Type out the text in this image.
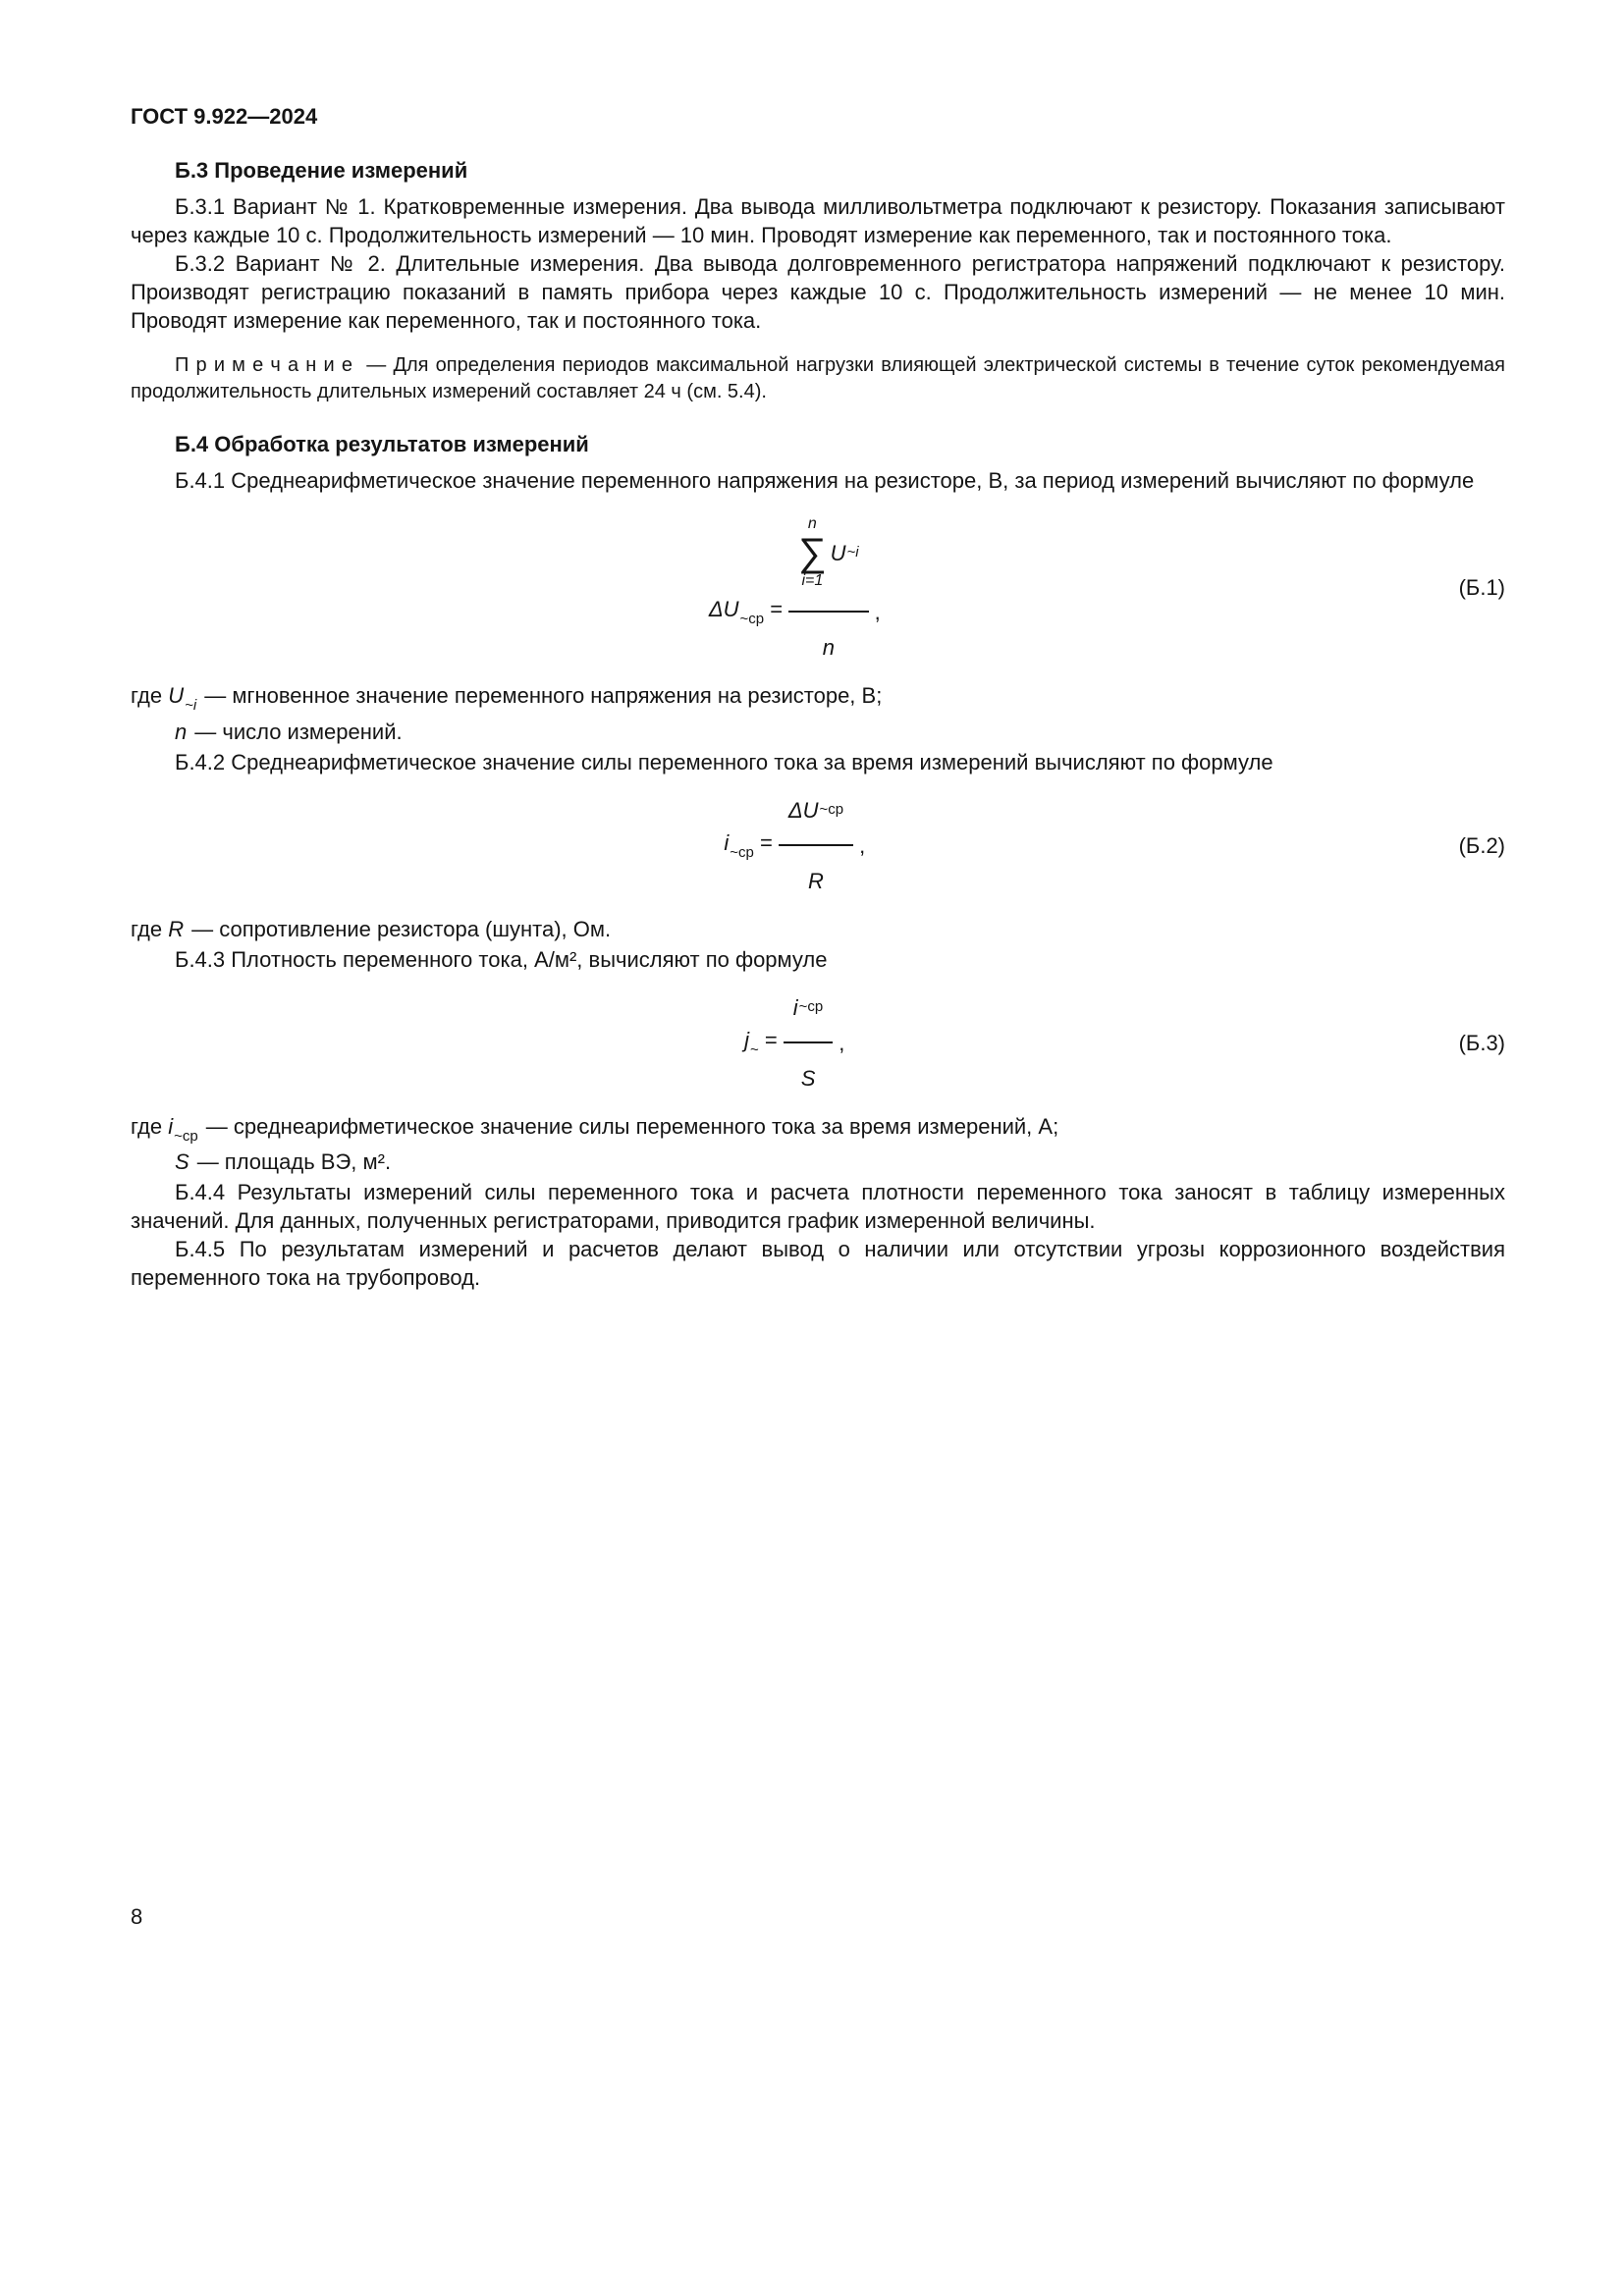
ГОСТ 9.922—2024
Б.3 Проведение измерений

Б.3.1 Вариант № 1. Кратковременные измерения. Два вывода милливольтметра подключают к резистору. Показания записывают через каждые 10 с. Продолжительность измерений — 10 мин. Проводят измерение как переменного, так и постоянного тока.

Б.3.2 Вариант № 2. Длительные измерения. Два вывода долговременного регистратора напряжений подключают к резистору. Производят регистрацию показаний в память прибора через каждые 10 с. Продолжительность измерений — не менее 10 мин. Проводят измерение как переменного, так и постоянного тока.

П р и м е ч а н и е — Для определения периодов максимальной нагрузки влияющей электрической системы в течение суток рекомендуемая продолжительность длительных измерений составляет 24 ч (см. 5.4).

Б.4 Обработка результатов измерений

Б.4.1 Среднеарифметическое значение переменного напряжения на резисторе, В, за период измерений вычисляют по формуле

$\Delta U_{\sim ср}$ =
n
∑
i=1
U ~i
n
,
(Б.1)

где $U_{\sim i}$ — мгновенное значение переменного напряжения на резисторе, В;

n — число измерений.

Б.4.2 Среднеарифметическое значение силы переменного тока за время измерений вычисляют по формуле

$i_{\sim ср}$ =
ΔU ~ср
R
,	(Б.2)

где R — сопротивление резистора (шунта), Ом.

Б.4.3 Плотность переменного тока, А/м², вычисляют по формуле

$j_\sim$ =
i ~ср
S
,	(Б.3)

где $i_{\sim ср}$ — среднеарифметическое значение силы переменного тока за время измерений, А;

S — площадь ВЭ, м².

Б.4.4 Результаты измерений силы переменного тока и расчета плотности переменного тока заносят в таблицу измеренных значений. Для данных, полученных регистраторами, приводится график измеренной величины.

Б.4.5 По результатам измерений и расчетов делают вывод о наличии или отсутствии угрозы коррозионного воздействия переменного тока на трубопровод.

8
